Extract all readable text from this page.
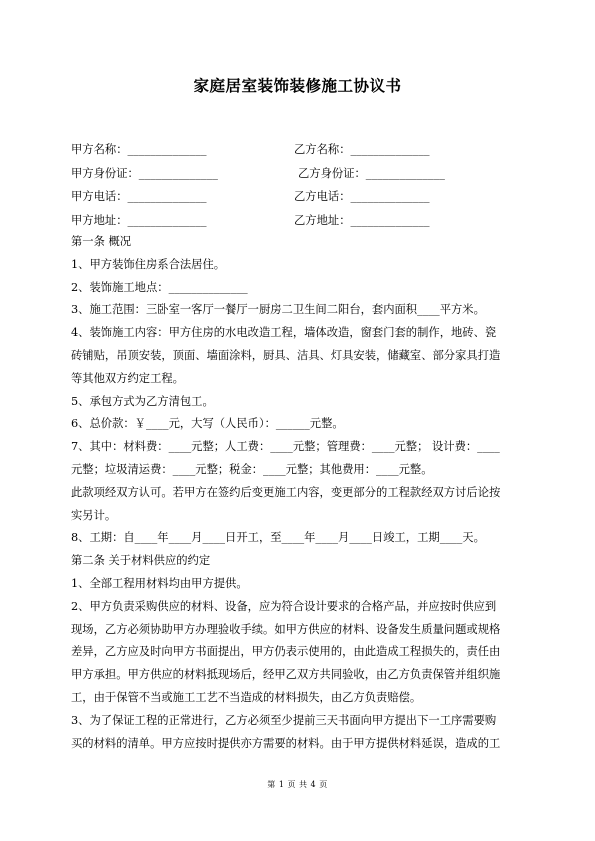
家庭居室装饰装修施工协议书
甲方名称：______________	乙方名称：______________
甲方身份证：______________	乙方身份证：______________
甲方电话：______________	乙方电话：______________
甲方地址：______________	乙方地址：______________
第一条 概况
1、甲方装饰住房系合法居住。
2、装饰施工地点：______________
3、施工范围：三卧室一客厅一餐厅一厨房二卫生间二阳台，套内面积____平方米。
4、装饰施工内容：甲方住房的水电改造工程，墙体改造，窗套门套的制作，地砖、瓷
砖铺贴，吊顶安装，顶面、墙面涂料，厨具、洁具、灯具安装，储藏室、部分家具打造
等其他双方约定工程。
5、承包方式为乙方清包工。
6、总价款：￥____元，大写（人民币）：______元整。
7、其中：材料费：____元整；人工费：____元整；管理费：____元整； 设计费：____
元整；垃圾清运费：____元整；税金：____元整；其他费用：____元整。
此款项经双方认可。若甲方在签约后变更施工内容，变更部分的工程款经双方讨后论按
实另计。
8、工期：自____年____月____日开工，至____年____月____日竣工，工期____天。
第二条 关于材料供应的约定
1、全部工程用材料均由甲方提供。
2、甲方负责采购供应的材料、设备，应为符合设计要求的合格产品，并应按时供应到
现场，乙方必须协助甲方办理验收手续。如甲方供应的材料、设备发生质量问题或规格
差异，乙方应及时向甲方书面提出，甲方仍表示使用的，由此造成工程损失的，责任由
甲方承担。甲方供应的材料抵现场后，经甲乙双方共同验收，由乙方负责保管并组织施
工，由于保管不当或施工工艺不当造成的材料损失，由乙方负责赔偿。
3、为了保证工程的正常进行，乙方必须至少提前三天书面向甲方提出下一工序需要购
买的材料的清单。甲方应按时提供亦方需要的材料。由于甲方提供材料延误，造成的工
第 1 页 共 4 页
